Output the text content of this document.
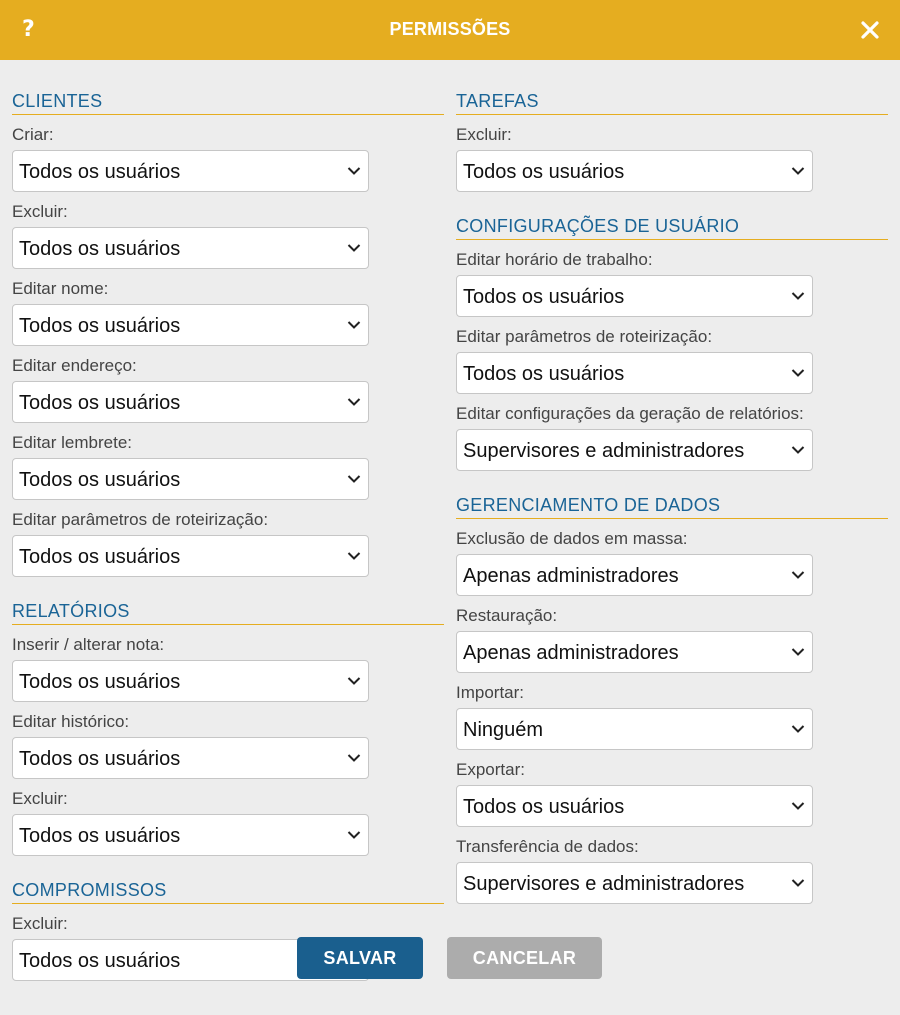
?	PERMISSÕES
CLIENTES
Criar:
Todos os usuários
Excluir:
Todos os usuários
Editar nome:
Todos os usuários
Editar endereço:
Todos os usuários
Editar lembrete:
Todos os usuários
Editar parâmetros de roteirização:
Todos os usuários
RELATÓRIOS
Inserir / alterar nota:
Todos os usuários
Editar histórico:
Todos os usuários
Excluir:
Todos os usuários
COMPROMISSOS
Excluir:
Todos os usuários
TAREFAS
Excluir:
Todos os usuários
CONFIGURAÇÕES DE USUÁRIO
Editar horário de trabalho:
Todos os usuários
Editar parâmetros de roteirização:
Todos os usuários
Editar configurações da geração de relatórios:
Supervisores e administradores
GERENCIAMENTO DE DADOS
Exclusão de dados em massa:
Apenas administradores
Restauração:
Apenas administradores
Importar:
Ninguém
Exportar:
Todos os usuários
Transferência de dados:
Supervisores e administradores
SALVAR	CANCELAR
